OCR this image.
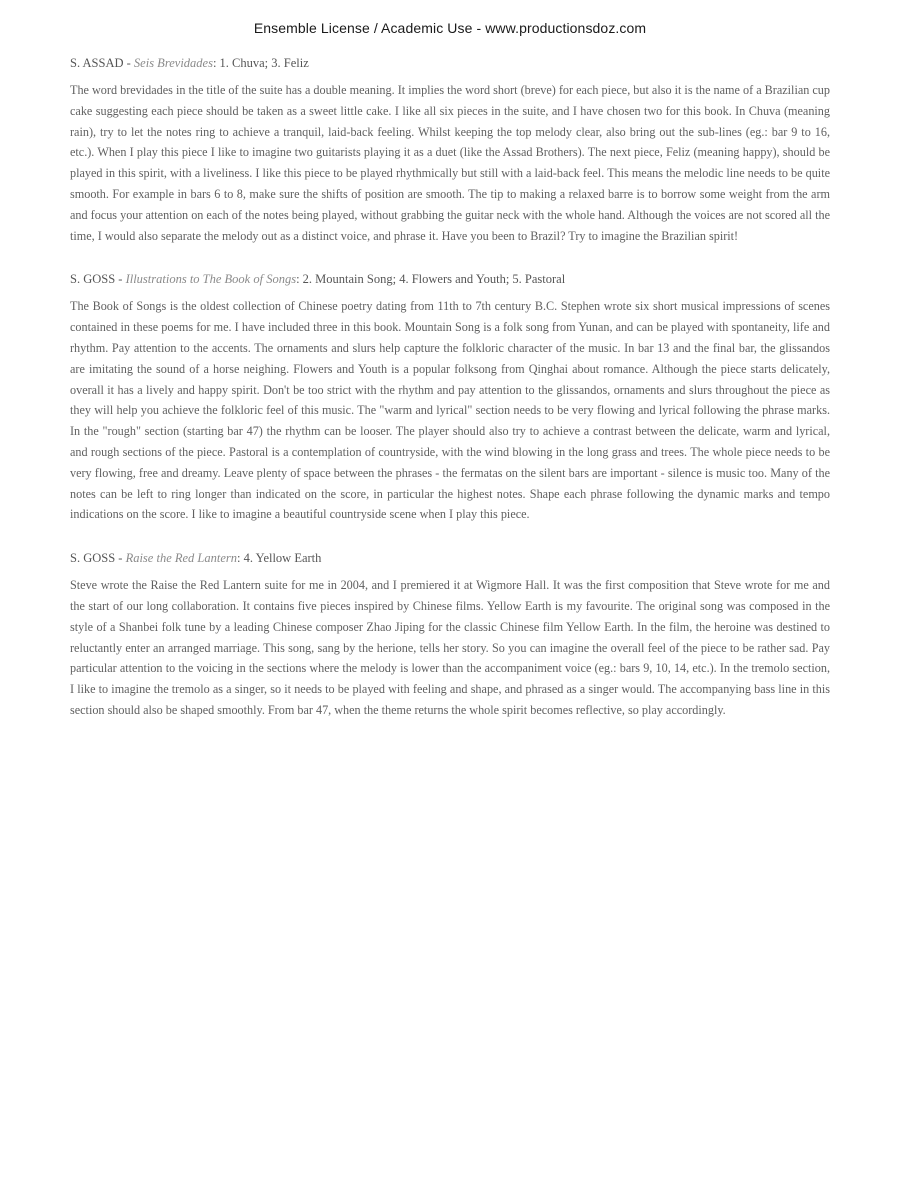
Ensemble License / Academic Use - www.productionsdoz.com
S. ASSAD - Seis Brevidades: 1. Chuva; 3. Feliz

The word brevidades in the title of the suite has a double meaning. It implies the word short (breve) for each piece, but also it is the name of a Brazilian cup cake suggesting each piece should be taken as a sweet little cake. I like all six pieces in the suite, and I have chosen two for this book. In Chuva (meaning rain), try to let the notes ring to achieve a tranquil, laid-back feeling. Whilst keeping the top melody clear, also bring out the sub-lines (eg.: bar 9 to 16, etc.). When I play this piece I like to imagine two guitarists playing it as a duet (like the Assad Brothers). The next piece, Feliz (meaning happy), should be played in this spirit, with a liveliness. I like this piece to be played rhythmically but still with a laid-back feel. This means the melodic line needs to be quite smooth. For example in bars 6 to 8, make sure the shifts of position are smooth. The tip to making a relaxed barre is to borrow some weight from the arm and focus your attention on each of the notes being played, without grabbing the guitar neck with the whole hand. Although the voices are not scored all the time, I would also separate the melody out as a distinct voice, and phrase it. Have you been to Brazil? Try to imagine the Brazilian spirit!

S. GOSS - Illustrations to The Book of Songs: 2. Mountain Song; 4. Flowers and Youth; 5. Pastoral

The Book of Songs is the oldest collection of Chinese poetry dating from 11th to 7th century B.C. Stephen wrote six short musical impressions of scenes contained in these poems for me. I have included three in this book. Mountain Song is a folk song from Yunan, and can be played with spontaneity, life and rhythm. Pay attention to the accents. The ornaments and slurs help capture the folkloric character of the music. In bar 13 and the final bar, the glissandos are imitating the sound of a horse neighing. Flowers and Youth is a popular folksong from Qinghai about romance. Although the piece starts delicately, overall it has a lively and happy spirit. Don't be too strict with the rhythm and pay attention to the glissandos, ornaments and slurs throughout the piece as they will help you achieve the folkloric feel of this music. The "warm and lyrical" section needs to be very flowing and lyrical following the phrase marks. In the "rough" section (starting bar 47) the rhythm can be looser. The player should also try to achieve a contrast between the delicate, warm and lyrical, and rough sections of the piece. Pastoral is a contemplation of countryside, with the wind blowing in the long grass and trees. The whole piece needs to be very flowing, free and dreamy. Leave plenty of space between the phrases - the fermatas on the silent bars are important - silence is music too. Many of the notes can be left to ring longer than indicated on the score, in particular the highest notes. Shape each phrase following the dynamic marks and tempo indications on the score. I like to imagine a beautiful countryside scene when I play this piece.

S. GOSS - Raise the Red Lantern: 4. Yellow Earth

Steve wrote the Raise the Red Lantern suite for me in 2004, and I premiered it at Wigmore Hall. It was the first composition that Steve wrote for me and the start of our long collaboration. It contains five pieces inspired by Chinese films. Yellow Earth is my favourite. The original song was composed in the style of a Shanbei folk tune by a leading Chinese composer Zhao Jiping for the classic Chinese film Yellow Earth. In the film, the heroine was destined to reluctantly enter an arranged marriage. This song, sang by the herione, tells her story. So you can imagine the overall feel of the piece to be rather sad. Pay particular attention to the voicing in the sections where the melody is lower than the accompaniment voice (eg.: bars 9, 10, 14, etc.). In the tremolo section, I like to imagine the tremolo as a singer, so it needs to be played with feeling and shape, and phrased as a singer would. The accompanying bass line in this section should also be shaped smoothly. From bar 47, when the theme returns the whole spirit becomes reflective, so play accordingly.
